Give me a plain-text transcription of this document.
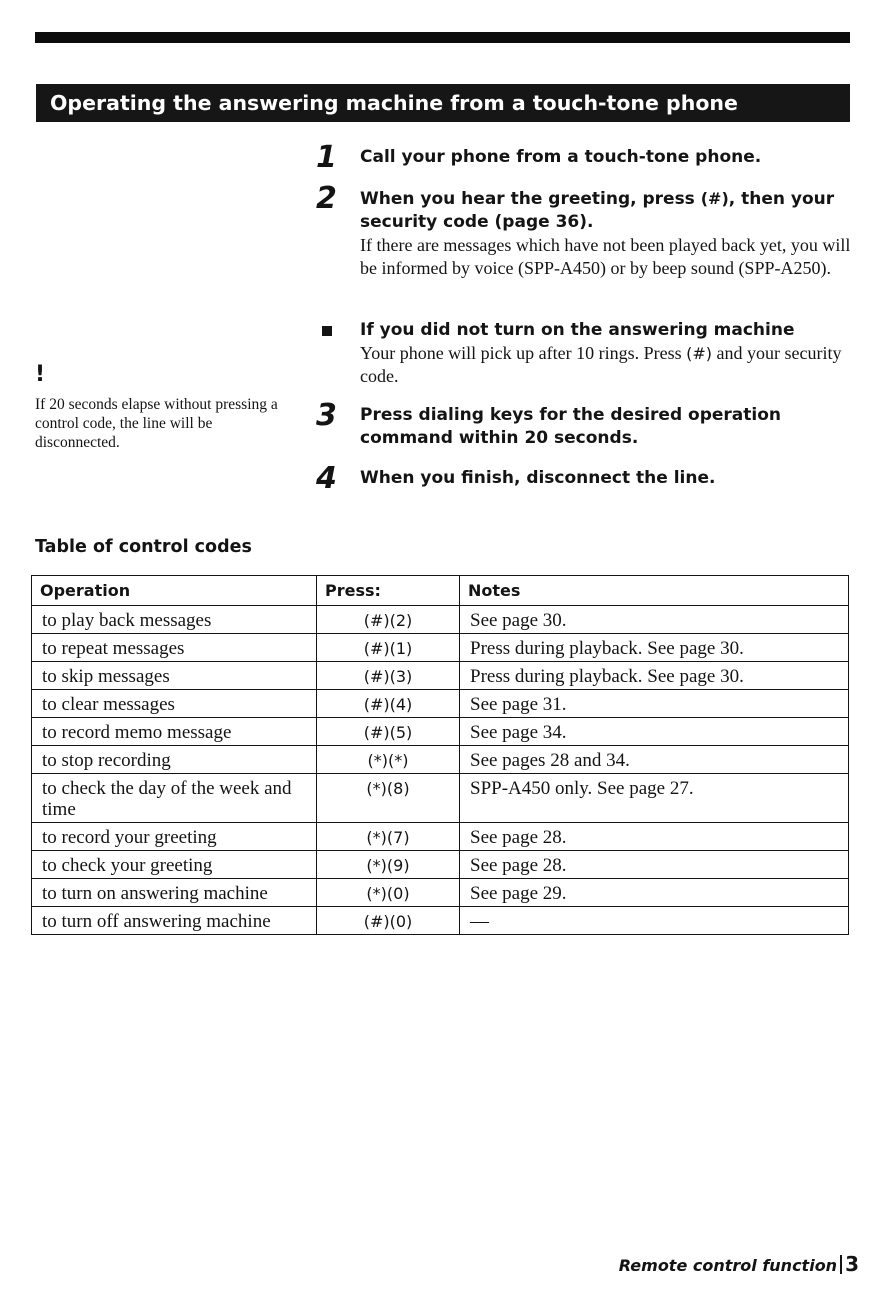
Operating the answering machine from a touch-tone phone
1	Call your phone from a touch-tone phone.
2	When you hear the greeting, press (#), then your security code (page 36).
If there are messages which have not been played back yet, you will be informed by voice (SPP-A450) or by beep sound (SPP-A250).
If you did not turn on the answering machine
Your phone will pick up after 10 rings. Press (#) and your security code.
3	Press dialing keys for the desired operation command within 20 seconds.
4	When you finish, disconnect the line.
!
If 20 seconds elapse without pressing a control code, the line will be disconnected.
Table of control codes
Operation	Press:	Notes
to play back messages	(#)(2)	See page 30.
to repeat messages	(#)(1)	Press during playback. See page 30.
to skip messages	(#)(3)	Press during playback. See page 30.
to clear messages	(#)(4)	See page 31.
to record memo message	(#)(5)	See page 34.
to stop recording	(*)(*)	See pages 28 and 34.
to check the day of the week and time	(*)(8)	SPP-A450 only. See page 27.
to record your greeting	(*)(7)	See page 28.
to check your greeting	(*)(9)	See page 28.
to turn on answering machine	(*)(0)	See page 29.
to turn off answering machine	(#)(0)	—
Remote control function 3
